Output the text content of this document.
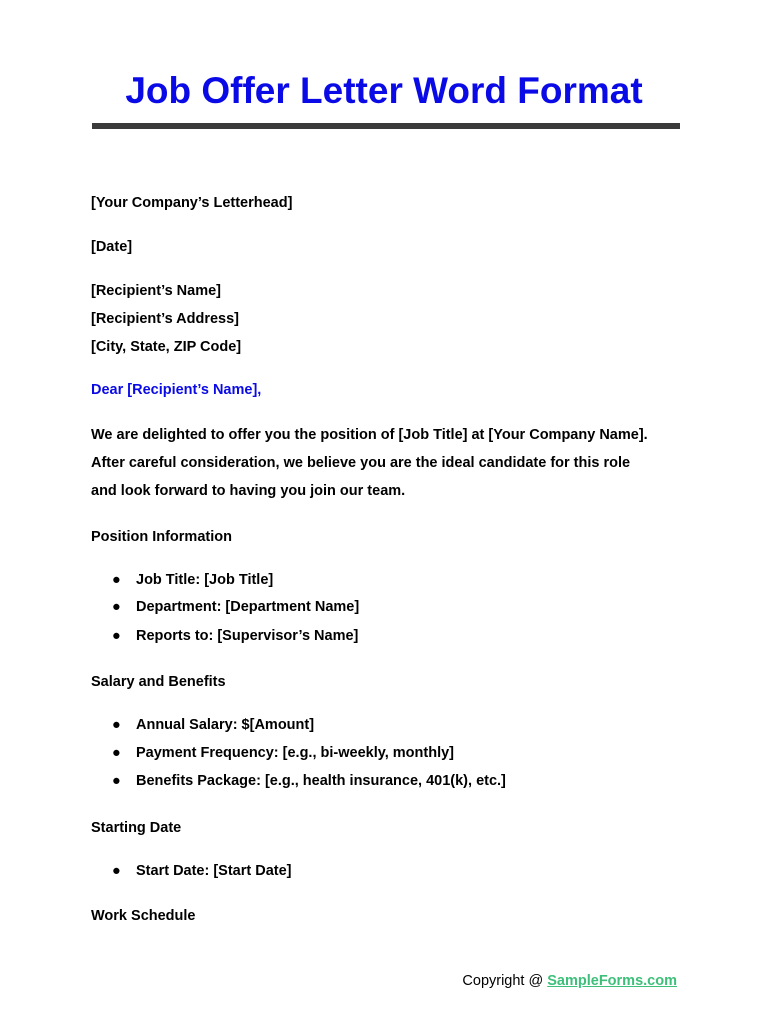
Job Offer Letter Word Format
[Your Company’s Letterhead]
[Date]
[Recipient’s Name]
[Recipient’s Address]
[City, State, ZIP Code]
Dear [Recipient’s Name],
We are delighted to offer you the position of [Job Title] at [Your Company Name].
After careful consideration, we believe you are the ideal candidate for this role
and look forward to having you join our team.
Position Information
● Job Title: [Job Title]
● Department: [Department Name]
● Reports to: [Supervisor’s Name]
Salary and Benefits
● Annual Salary: $[Amount]
● Payment Frequency: [e.g., bi-weekly, monthly]
● Benefits Package: [e.g., health insurance, 401(k), etc.]
Starting Date
● Start Date: [Start Date]
Work Schedule
Copyright @ SampleForms.com
